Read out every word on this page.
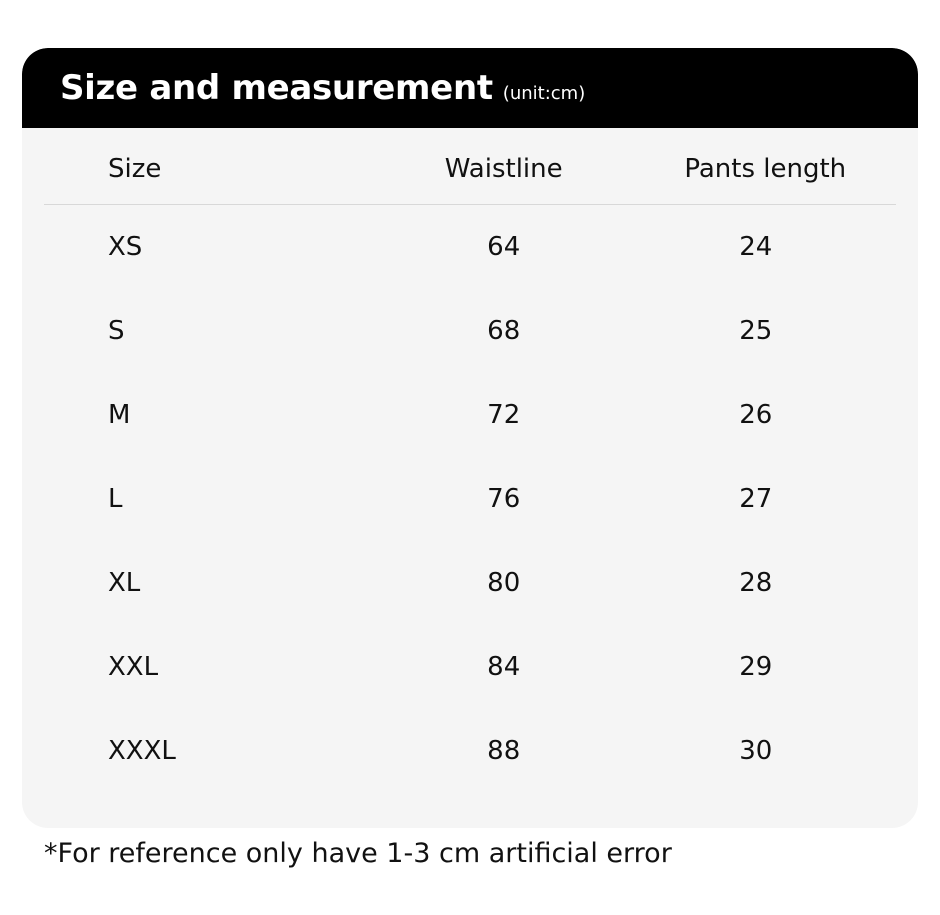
Size and measurement (unit:cm)
Size	Waistline	Pants length
XS	64	24
S	68	25
M	72	26
L	76	27
XL	80	28
XXL	84	29
XXXL	88	30
*For reference only have 1-3 cm artificial error
